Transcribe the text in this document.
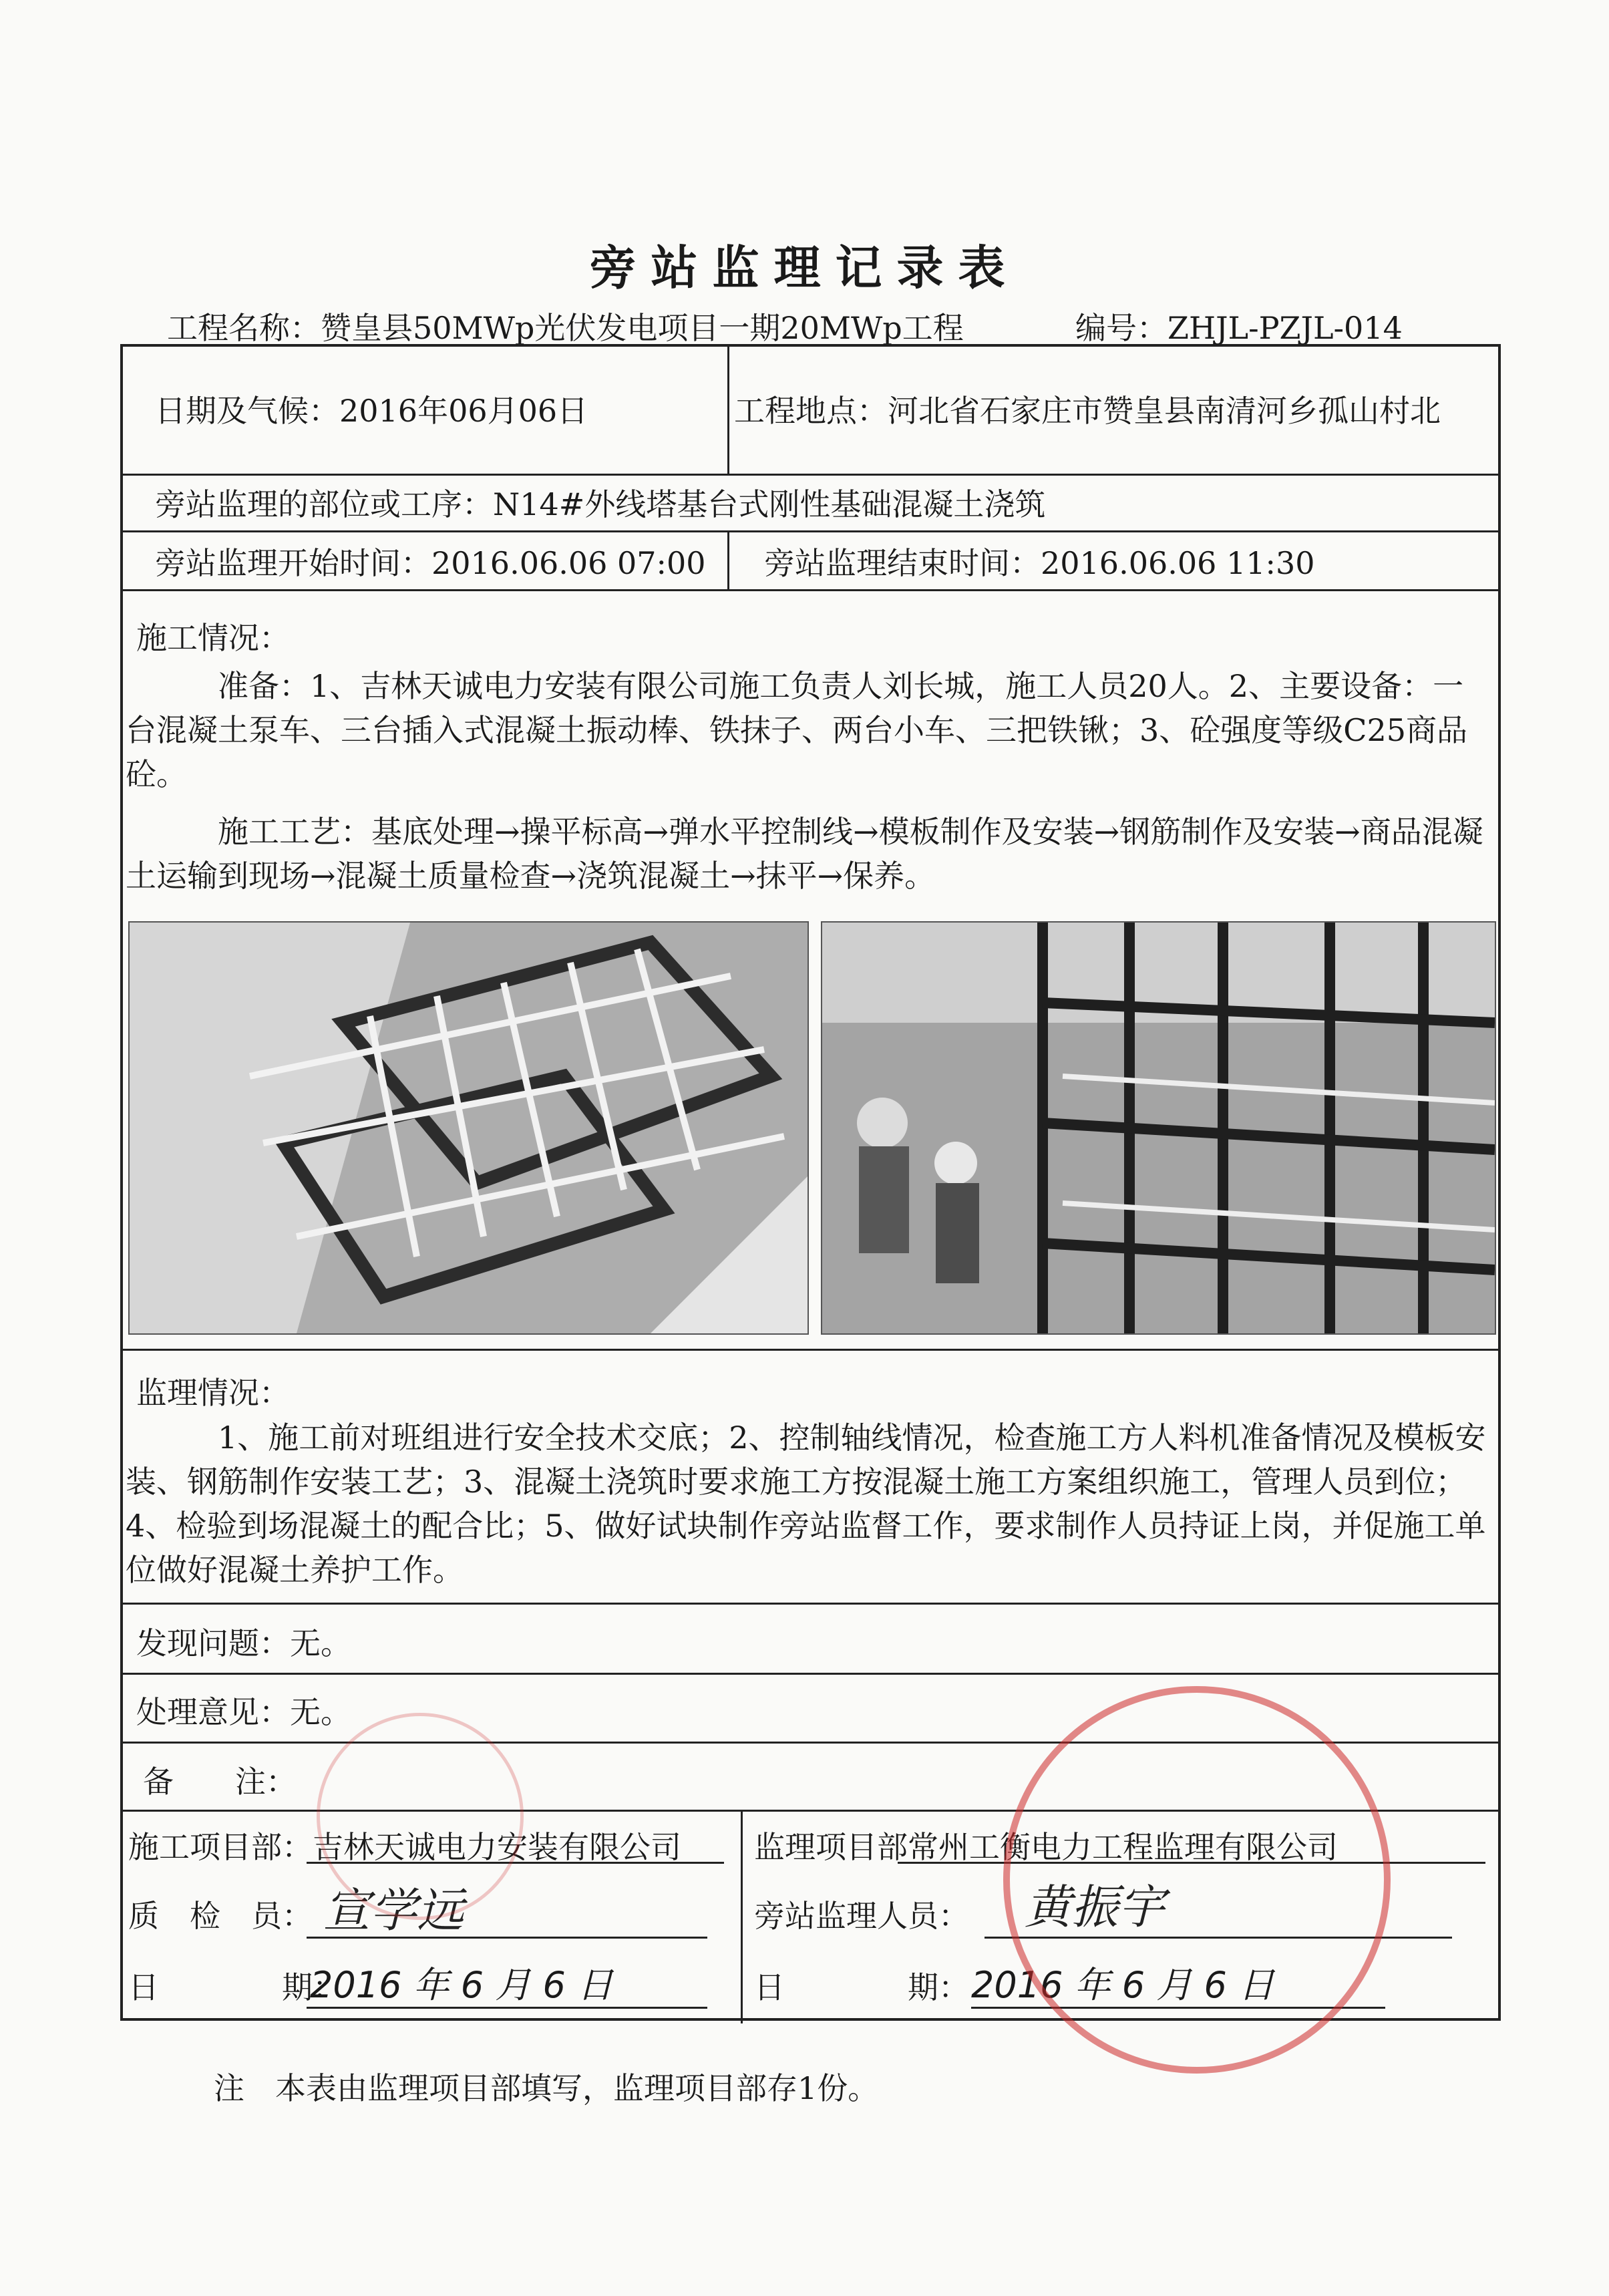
旁站监理记录表
工程名称：赞皇县50MWp光伏发电项目一期20MWp工程	编号：ZHJL-PZJL-014
日期及气候：2016年06月06日	工程地点：河北省石家庄市赞皇县南清河乡孤山村北
旁站监理的部位或工序：N14#外线塔基台式刚性基础混凝土浇筑
旁站监理开始时间：2016.06.06 07:00 旁站监理结束时间：2016.06.06 11:30
施工情况：

准备：1、吉林天诚电力安装有限公司施工负责人刘长城，施工人员20人。2、主要设备：一台混凝土泵车、三台插入式混凝土振动棒、铁抹子、两台小车、三把铁锹；3、砼强度等级C25商品砼。

施工工艺：基底处理→操平标高→弹水平控制线→模板制作及安装→钢筋制作及安装→商品混凝土运输到现场→混凝土质量检查→浇筑混凝土→抹平→保养。

监理情况：

1、施工前对班组进行安全技术交底；2、控制轴线情况，检查施工方人料机准备情况及模板安装、钢筋制作安装工艺；3、混凝土浇筑时要求施工方按混凝土施工方案组织施工，管理人员到位；4、检验到场混凝土的配合比；5、做好试块制作旁站监督工作，要求制作人员持证上岗，并促施工单位做好混凝土养护工作。

发现问题：无。
处理意见：无。
备　　注：
施工项目部：吉林天诚电力安装有限公司
质　检　员： 宣学远
日　　　　期：
2016 年 6 月 6 日
监理项目部常州工衡电力工程监理有限公司
旁站监理人员： 黄振宇
日　　　　期： 2016 年 6 月 6 日
注　本表由监理项目部填写，监理项目部存1份。
